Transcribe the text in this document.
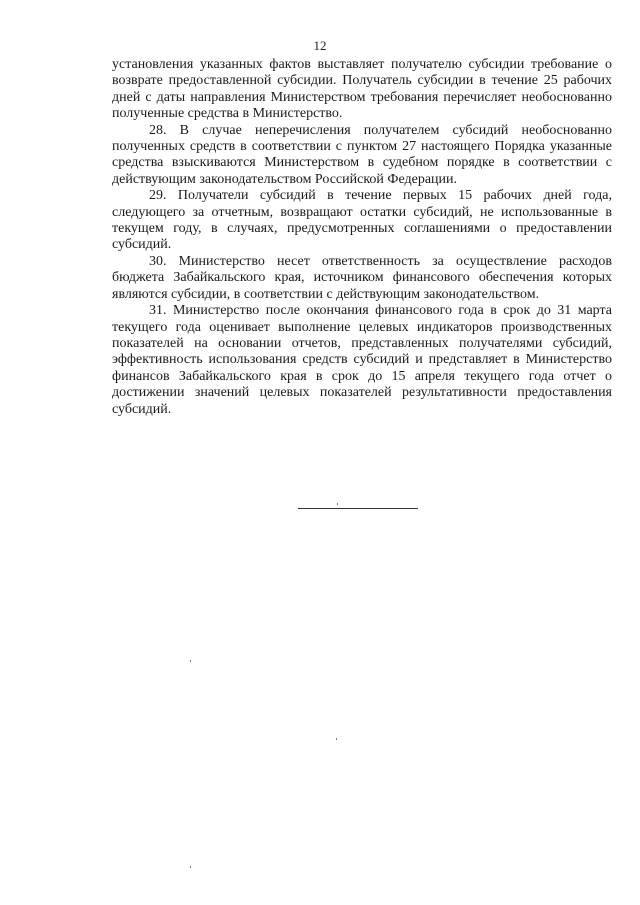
12

установления указанных фактов выставляет получателю субсидии требование о возврате предоставленной субсидии. Получатель субсидии в течение 25 рабочих дней с даты направления Министерством требования перечисляет необоснованно полученные средства в Министерство.

28. В случае неперечисления получателем субсидий необоснованно полученных средств в соответствии с пунктом 27 настоящего Порядка указанные средства взыскиваются Министерством в судебном порядке в соответствии с действующим законодательством Российской Федерации.

29. Получатели субсидий в течение первых 15 рабочих дней года, следующего за отчетным, возвращают остатки субсидий, не использованные в текущем году, в случаях, предусмотренных соглашениями о предоставлении субсидий.

30. Министерство несет ответственность за осуществление расходов бюджета Забайкальского края, источником финансового обеспечения которых являются субсидии, в соответствии с действующим законодательством.

31. Министерство после окончания финансового года в срок до 31 марта текущего года оценивает выполнение целевых индикаторов производственных показателей на основании отчетов, представленных получателями субсидий, эффективность использования средств субсидий и представляет в Министерство финансов Забайкальского края в срок до 15 апреля текущего года отчет о достижении значений целевых показателей результативности предоставления субсидий.
